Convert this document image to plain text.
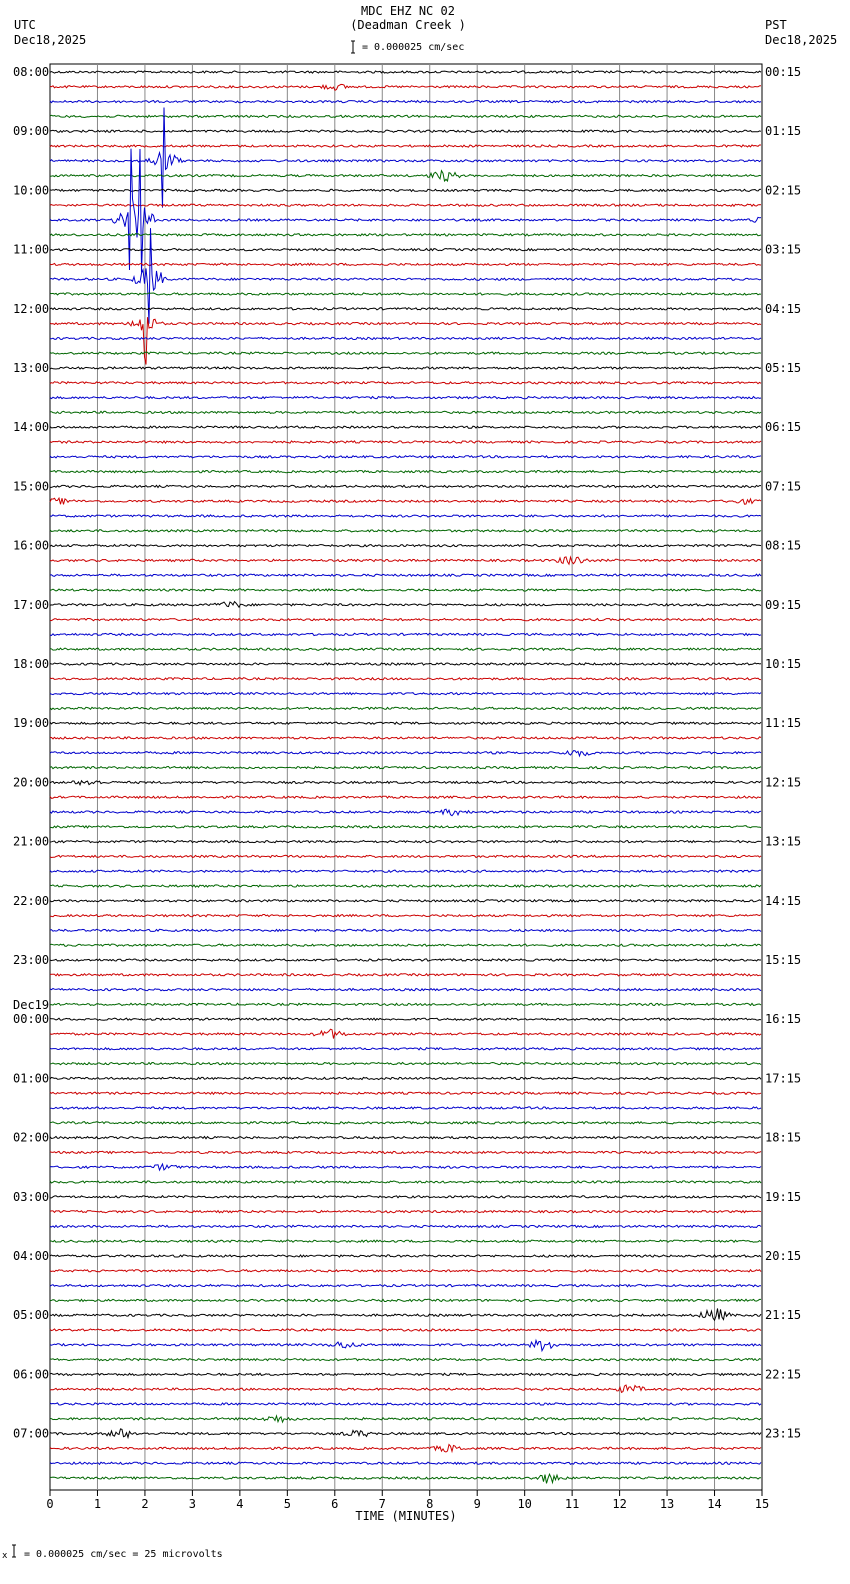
MDC EHZ NC 02
(Deadman Creek )
UTC
Dec18,2025
PST
Dec18,2025
= 0.000025 cm/sec
08:00
09:00
10:00
11:00
12:00
13:00
14:00
15:00
16:00
17:00
18:00
19:00
20:00
21:00
22:00
23:00
00:00
Dec19
01:00
02:00
03:00
04:00
05:00
06:00
07:00
00:15
01:15
02:15
03:15
04:15
05:15
06:15
07:15
08:15
09:15
10:15
11:15
12:15
13:15
14:15
15:15
16:15
17:15
18:15
19:15
20:15
21:15
22:15
23:15
0	1	2	3	4	5	6	7	8	9	10	11	12	13	14	15
TIME (MINUTES)
x = 0.000025 cm/sec = 25 microvolts
